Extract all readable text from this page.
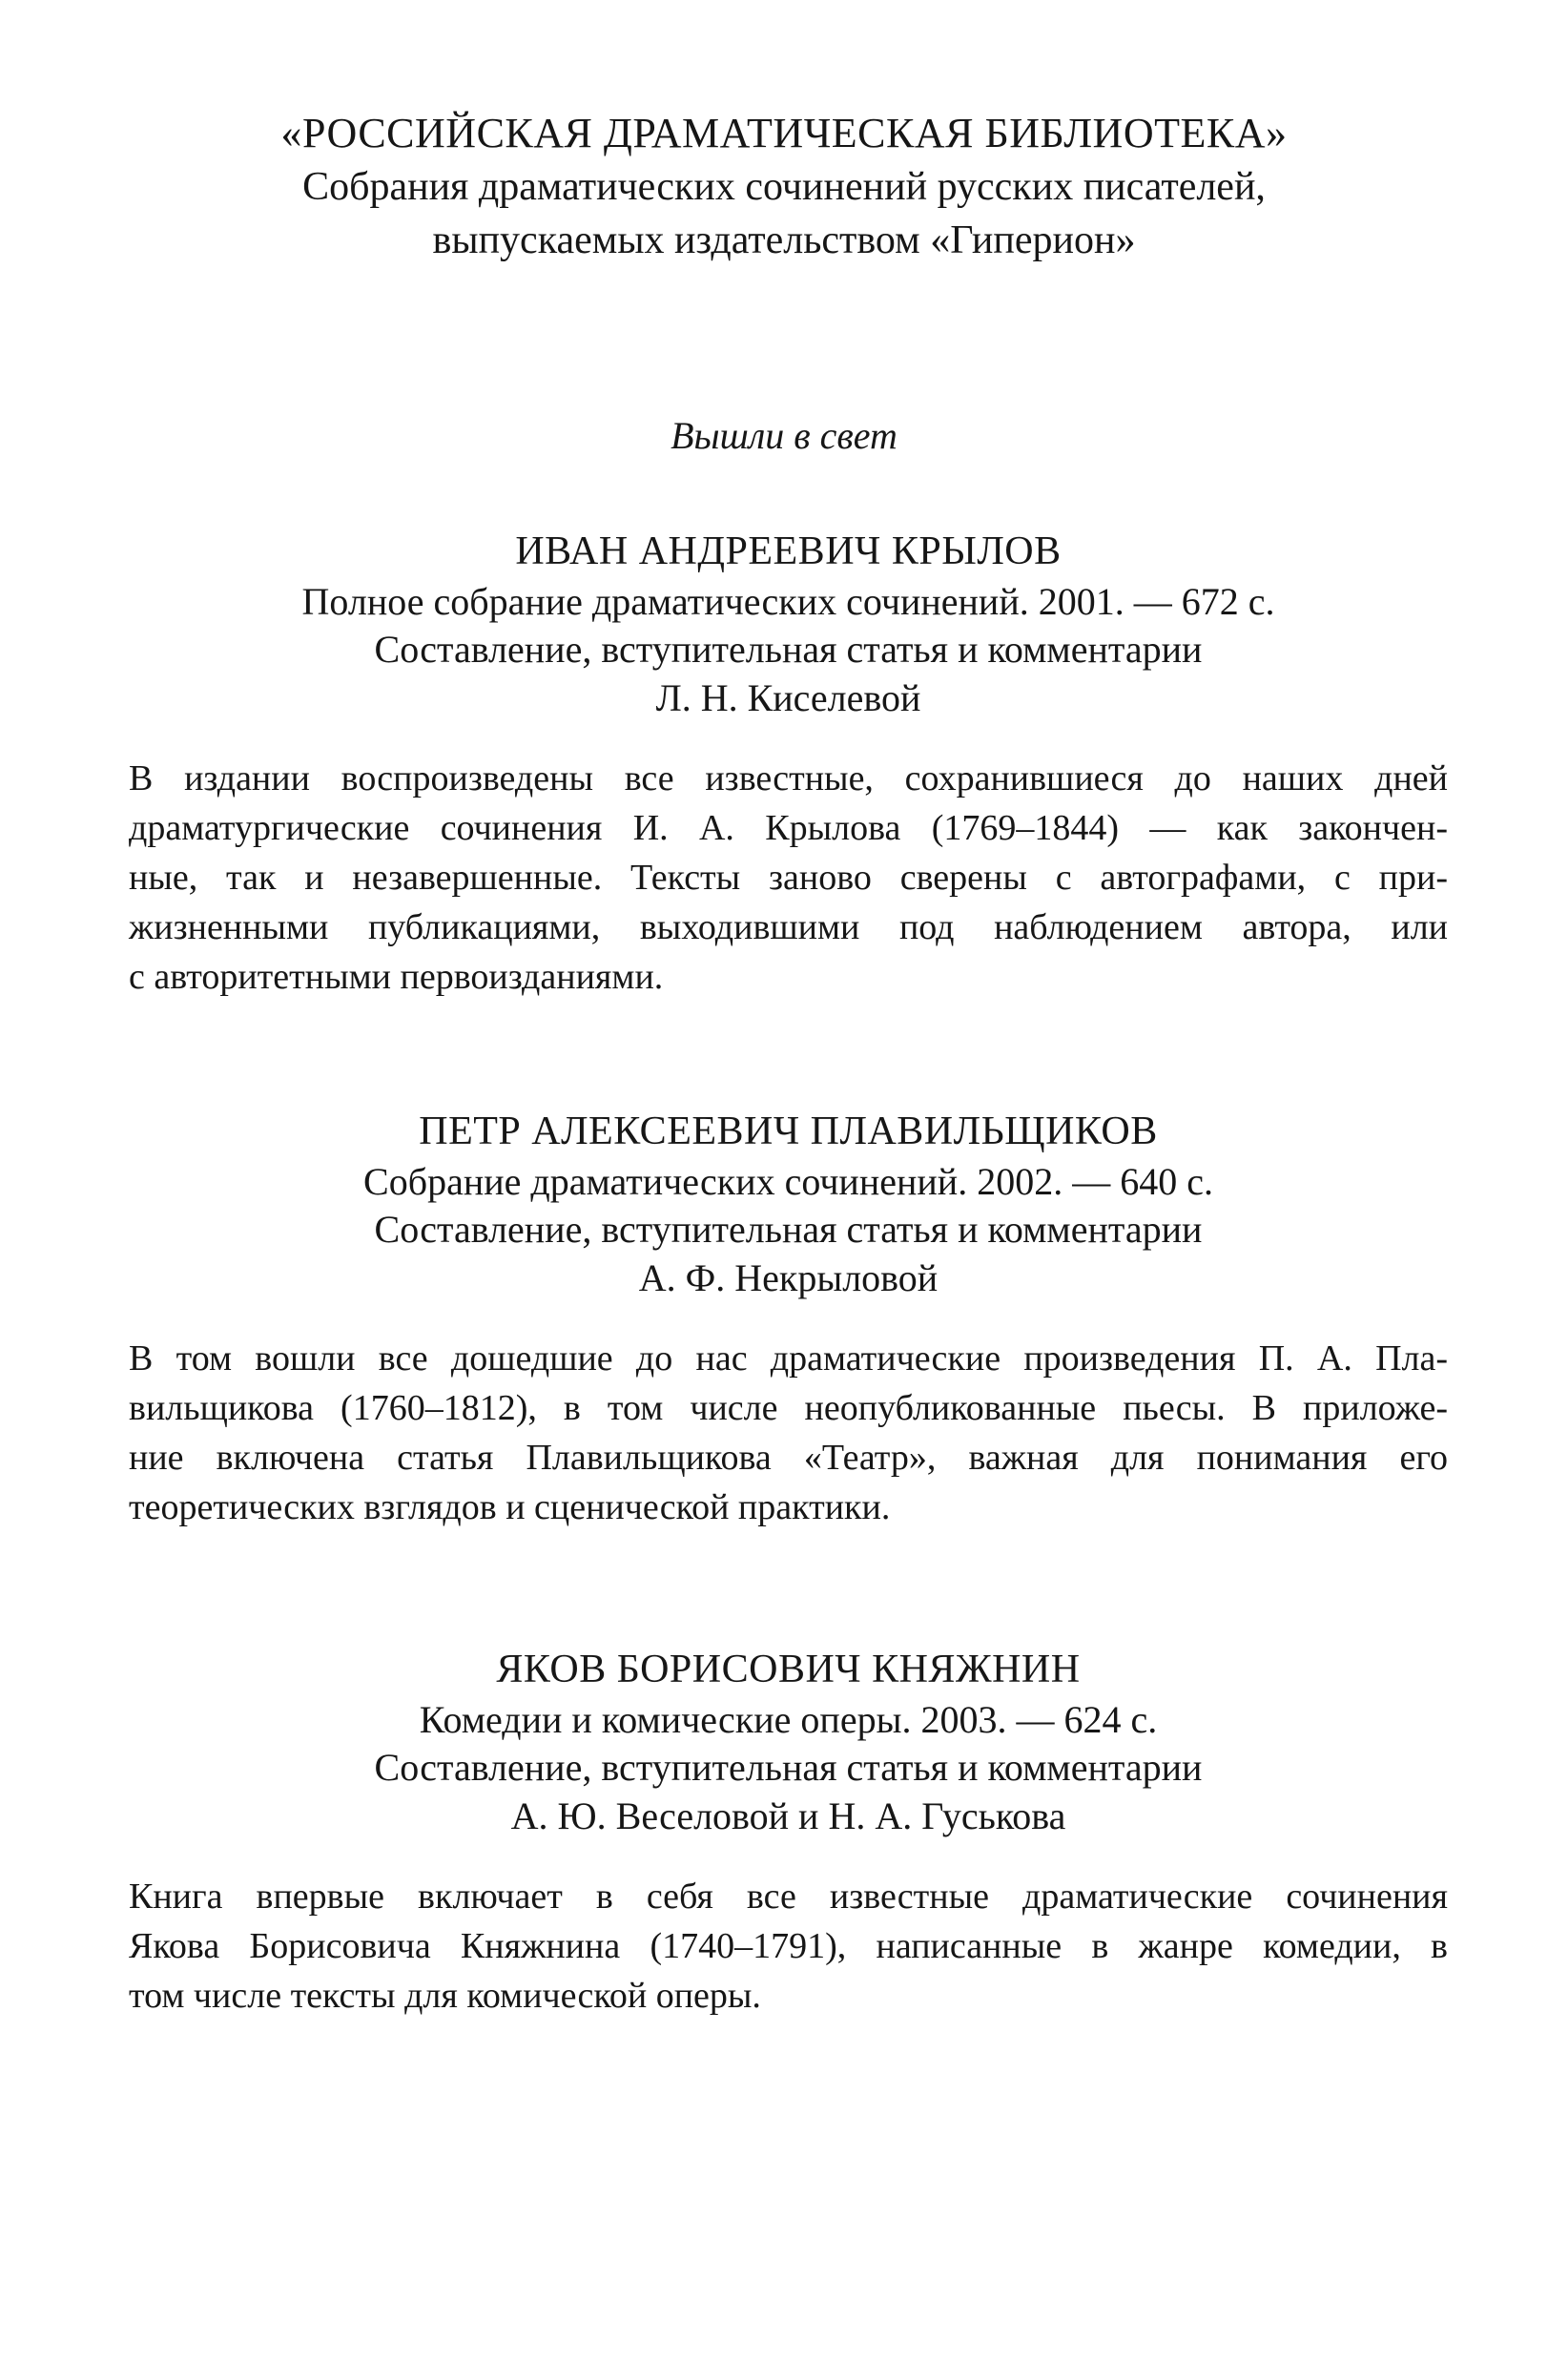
«РОССИЙСКАЯ ДРАМАТИЧЕСКАЯ БИБЛИОТЕКА»
Собрания драматических сочинений русских писателей,
выпускаемых издательством «Гиперион»
Вышли в свет
ИВАН АНДРЕЕВИЧ КРЫЛОВ
Полное собрание драматических сочинений. 2001. — 672 с.
Составление, вступительная статья и комментарии
Л. Н. Киселевой
В издании воспроизведены все известные, сохранившиеся до наших дней
драматургические сочинения И. А. Крылова (1769–1844) — как закончен-
ные, так и незавершенные. Тексты заново сверены с автографами, с при-
жизненными публикациями, выходившими под наблюдением автора, или
с авторитетными первоизданиями.
ПЕТР АЛЕКСЕЕВИЧ ПЛАВИЛЬЩИКОВ
Собрание драматических сочинений. 2002. — 640 с.
Составление, вступительная статья и комментарии
А. Ф. Некрыловой
В том вошли все дошедшие до нас драматические произведения П. А. Пла-
вильщикова (1760–1812), в том числе неопубликованные пьесы. В приложе-
ние включена статья Плавильщикова «Театр», важная для понимания его
теоретических взглядов и сценической практики.
ЯКОВ БОРИСОВИЧ КНЯЖНИН
Комедии и комические оперы. 2003. — 624 с.
Составление, вступительная статья и комментарии
А. Ю. Веселовой и Н. А. Гуськова
Книга впервые включает в себя все известные драматические сочинения
Якова Борисовича Княжнина (1740–1791), написанные в жанре комедии, в
том числе тексты для комической оперы.
